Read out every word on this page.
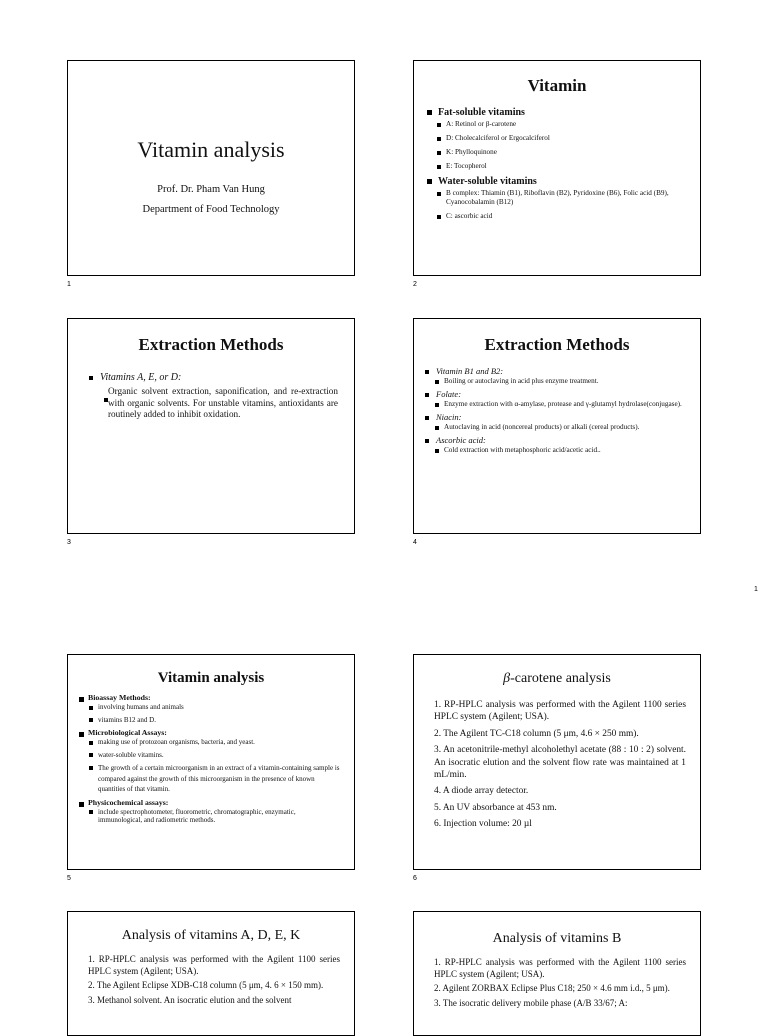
Vitamin analysis
Prof. Dr. Pham Van Hung
Department of Food Technology
1
Vitamin
Fat-soluble vitamins
A: Retinol or β-carotene
D: Cholecalciferol or Ergocalciferol
K: Phylloquinone
E: Tocopherol
Water-soluble vitamins
B complex: Thiamin (B1), Riboflavin (B2), Pyridoxine (B6), Folic acid (B9), Cyanocobalamin (B12)
C: ascorbic acid
2
Extraction Methods
Vitamins A, E, or D:
Organic solvent extraction, saponification, and re-extraction with organic solvents. For unstable vitamins, antioxidants are routinely added to inhibit oxidation.
3
Extraction Methods
Vitamin B1 and B2:
Boiling or autoclaving in acid plus enzyme treatment.
Folate:
Enzyme extraction with α-amylase, protease and γ-glutamyl hydrolase(conjugase).
Niacin:
Autoclaving in acid (noncereal products) or alkali (cereal products).
Ascorbic acid:
Cold extraction with metaphosphoric acid/acetic acid..
4
1
Vitamin analysis
Bioassay Methods:
involving humans and animals
vitamins B12 and D.
Microbiological Assays:
making use of protozoan organisms, bacteria, and yeast.
water-soluble vitamins.
The growth of a certain microorganism in an extract of a vitamin-containing sample is compared against the growth of this microorganism in the presence of known quantities of that vitamin.
Physicochemical assays:
include spectrophotometer, fluorometric, chromatographic, enzymatic, immunological, and radiometric methods.
5
β-carotene analysis

1. RP-HPLC analysis was performed with the Agilent 1100 series HPLC system (Agilent; USA).

2. The Agilent TC-C18 column (5 μm, 4.6 × 250 mm).

3. An acetonitrile-methyl alcoholethyl acetate (88 : 10 : 2) solvent. An isocratic elution and the solvent flow rate was maintained at 1 mL/min.

4. A diode array detector.

5. An UV absorbance at 453 nm.

6. Injection volume: 20 µl

6
Analysis of vitamins A, D, E, K

1. RP-HPLC analysis was performed with the Agilent 1100 series HPLC system (Agilent; USA).

2. The Agilent Eclipse XDB-C18 column (5 μm, 4. 6 × 150 mm).

3. Methanol solvent. An isocratic elution and the solvent

Analysis of vitamins B

1. RP-HPLC analysis was performed with the Agilent 1100 series HPLC system (Agilent; USA).

2. Agilent ZORBAX Eclipse Plus C18; 250 × 4.6 mm i.d., 5 μm).

3. The isocratic delivery mobile phase (A/B 33/67; A:
